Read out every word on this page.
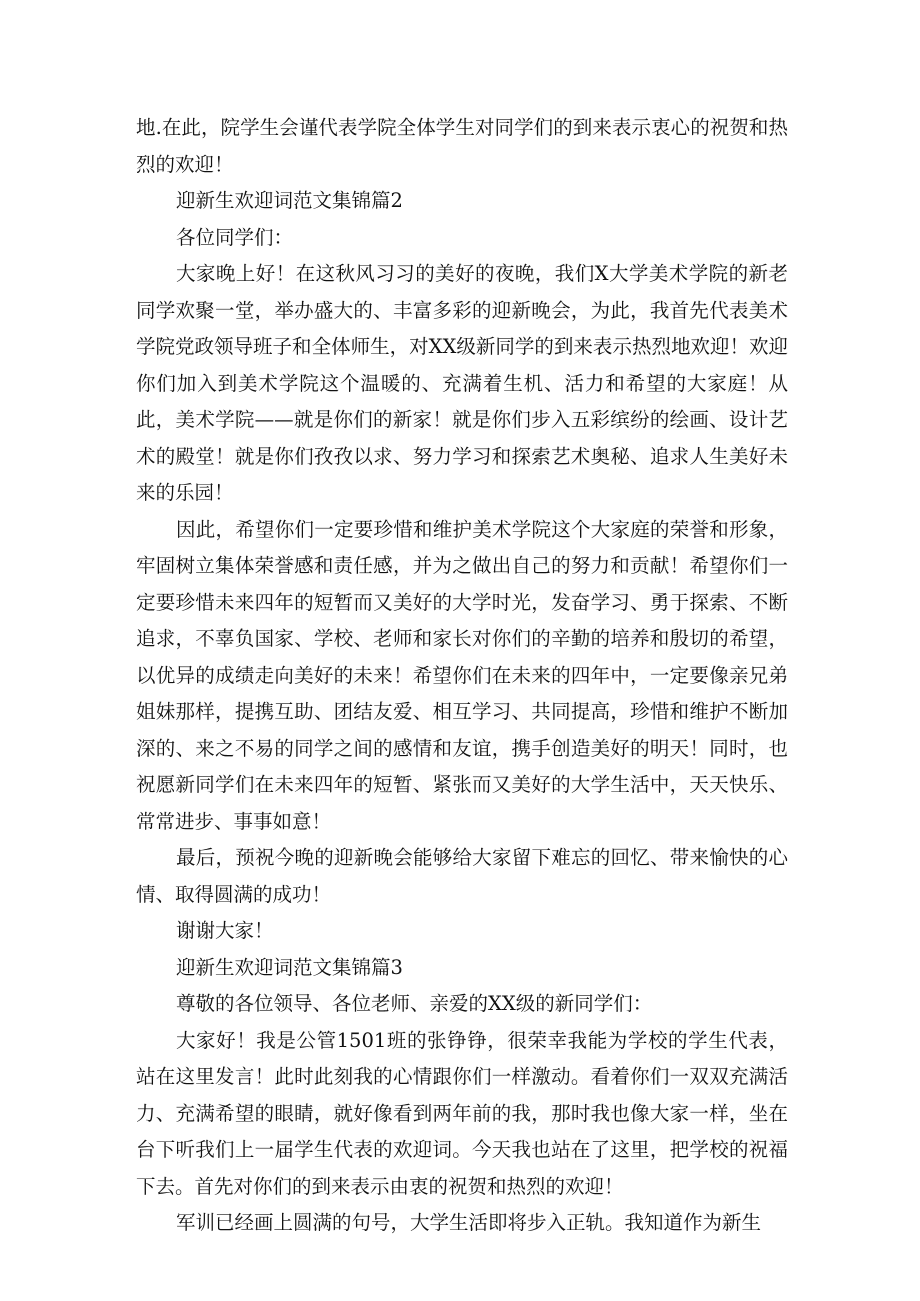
地.在此，院学生会谨代表学院全体学生对同学们的到来表示衷心的祝贺和热烈的欢迎！

迎新生欢迎词范文集锦篇2

各位同学们：

大家晚上好！在这秋风习习的美好的夜晚，我们X大学美术学院的新老同学欢聚一堂，举办盛大的、丰富多彩的迎新晚会，为此，我首先代表美术学院党政领导班子和全体师生，对XX级新同学的到来表示热烈地欢迎！欢迎你们加入到美术学院这个温暖的、充满着生机、活力和希望的大家庭！从此，美术学院——就是你们的新家！就是你们步入五彩缤纷的绘画、设计艺术的殿堂！就是你们孜孜以求、努力学习和探索艺术奥秘、追求人生美好未来的乐园！

因此，希望你们一定要珍惜和维护美术学院这个大家庭的荣誉和形象，牢固树立集体荣誉感和责任感，并为之做出自己的努力和贡献！希望你们一定要珍惜未来四年的短暂而又美好的大学时光，发奋学习、勇于探索、不断追求，不辜负国家、学校、老师和家长对你们的辛勤的培养和殷切的希望，以优异的成绩走向美好的未来！希望你们在未来的四年中，一定要像亲兄弟姐妹那样，提携互助、团结友爱、相互学习、共同提高，珍惜和维护不断加深的、来之不易的同学之间的感情和友谊，携手创造美好的明天！同时，也祝愿新同学们在未来四年的短暂、紧张而又美好的大学生活中，天天快乐、常常进步、事事如意！

最后，预祝今晚的迎新晚会能够给大家留下难忘的回忆、带来愉快的心情、取得圆满的成功！

谢谢大家！

迎新生欢迎词范文集锦篇3

尊敬的各位领导、各位老师、亲爱的XX级的新同学们：

大家好！我是公管1501班的张铮铮，很荣幸我能为学校的学生代表，站在这里发言！此时此刻我的心情跟你们一样激动。看着你们一双双充满活力、充满希望的眼睛，就好像看到两年前的我，那时我也像大家一样，坐在台下听我们上一届学生代表的欢迎词。今天我也站在了这里，把学校的祝福下去。首先对你们的到来表示由衷的祝贺和热烈的欢迎！

军训已经画上圆满的句号，大学生活即将步入正轨。我知道作为新生
